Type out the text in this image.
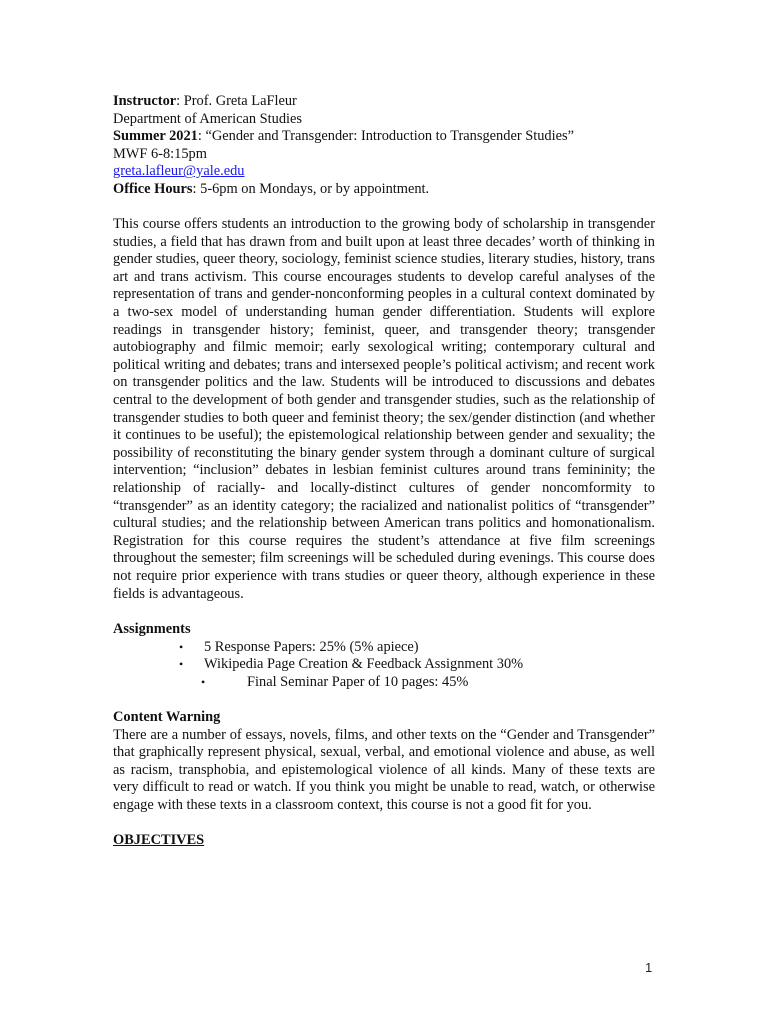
Instructor: Prof. Greta LaFleur
Department of American Studies
Summer 2021: “Gender and Transgender: Introduction to Transgender Studies”
MWF 6-8:15pm
greta.lafleur@yale.edu
Office Hours: 5-6pm on Mondays, or by appointment.
This course offers students an introduction to the growing body of scholarship in transgender studies, a field that has drawn from and built upon at least three decades’ worth of thinking in gender studies, queer theory, sociology, feminist science studies, literary studies, history, trans art and trans activism. This course encourages students to develop careful analyses of the representation of trans and gender-nonconforming peoples in a cultural context dominated by a two-sex model of understanding human gender differentiation. Students will explore readings in transgender history; feminist, queer, and transgender theory; transgender autobiography and filmic memoir; early sexological writing; contemporary cultural and political writing and debates; trans and intersexed people’s political activism; and recent work on transgender politics and the law. Students will be introduced to discussions and debates central to the development of both gender and transgender studies, such as the relationship of transgender studies to both queer and feminist theory; the sex/gender distinction (and whether it continues to be useful); the epistemological relationship between gender and sexuality; the possibility of reconstituting the binary gender system through a dominant culture of surgical intervention; “inclusion” debates in lesbian feminist cultures around trans femininity; the relationship of racially- and locally-distinct cultures of gender noncomformity to “transgender” as an identity category; the racialized and nationalist politics of “transgender” cultural studies; and the relationship between American trans politics and homonationalism. Registration for this course requires the student’s attendance at five film screenings throughout the semester; film screenings will be scheduled during evenings. This course does not require prior experience with trans studies or queer theory, although experience in these fields is advantageous.
Assignments
• 5 Response Papers: 25% (5% apiece)
• Wikipedia Page Creation & Feedback Assignment 30%
•	Final Seminar Paper of 10 pages: 45%
Content Warning
There are a number of essays, novels, films, and other texts on the “Gender and Transgender” that graphically represent physical, sexual, verbal, and emotional violence and abuse, as well as racism, transphobia, and epistemological violence of all kinds. Many of these texts are very difficult to read or watch. If you think you might be unable to read, watch, or otherwise engage with these texts in a classroom context, this course is not a good fit for you.
OBJECTIVES
1
